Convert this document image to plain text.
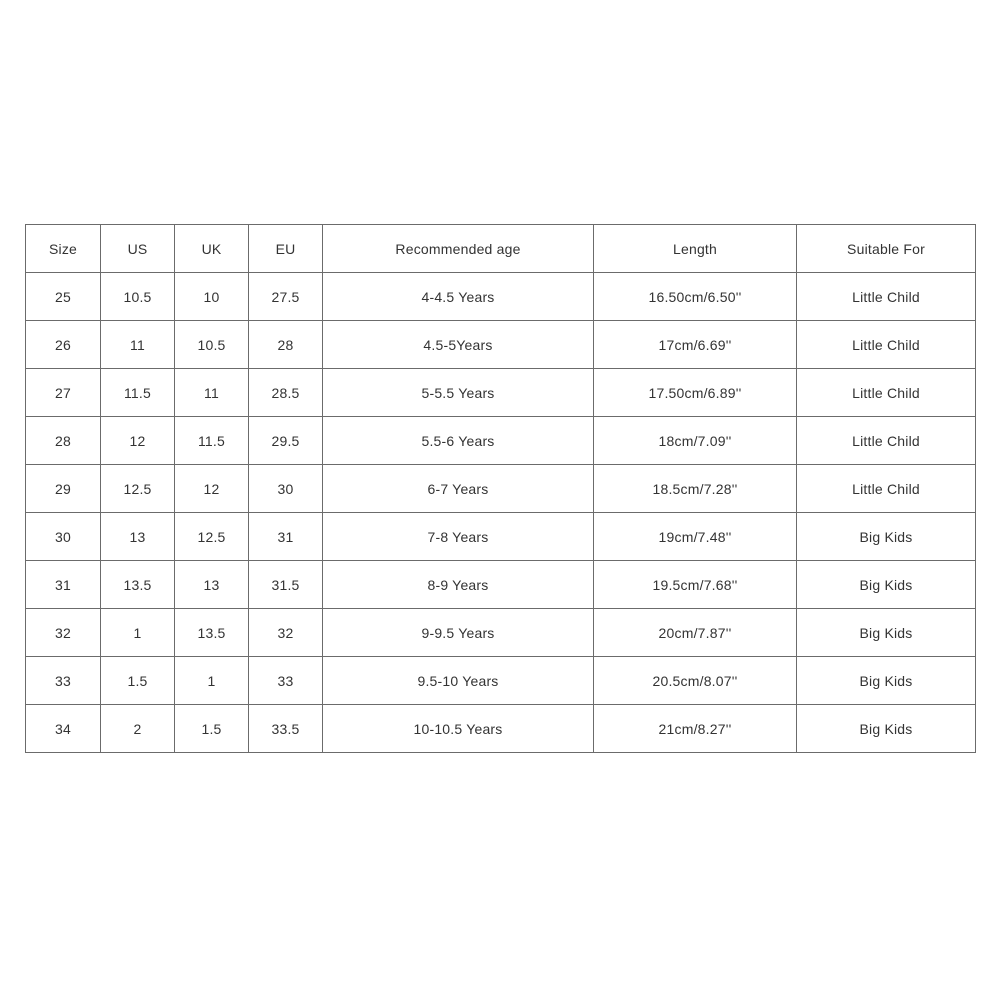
Size	US	UK	EU	Recommended age	Length	Suitable For
25	10.5	10	27.5	4-4.5 Years	16.50cm/6.50''	Little Child
26	11	10.5	28	4.5-5Years	17cm/6.69''	Little Child
27	11.5	11	28.5	5-5.5 Years	17.50cm/6.89''	Little Child
28	12	11.5	29.5	5.5-6 Years	18cm/7.09''	Little Child
29	12.5	12	30	6-7 Years	18.5cm/7.28''	Little Child
30	13	12.5	31	7-8 Years	19cm/7.48''	Big Kids
31	13.5	13	31.5	8-9 Years	19.5cm/7.68''	Big Kids
32	1	13.5	32	9-9.5 Years	20cm/7.87''	Big Kids
33	1.5	1	33	9.5-10 Years	20.5cm/8.07''	Big Kids
34	2	1.5	33.5	10-10.5 Years	21cm/8.27''	Big Kids
